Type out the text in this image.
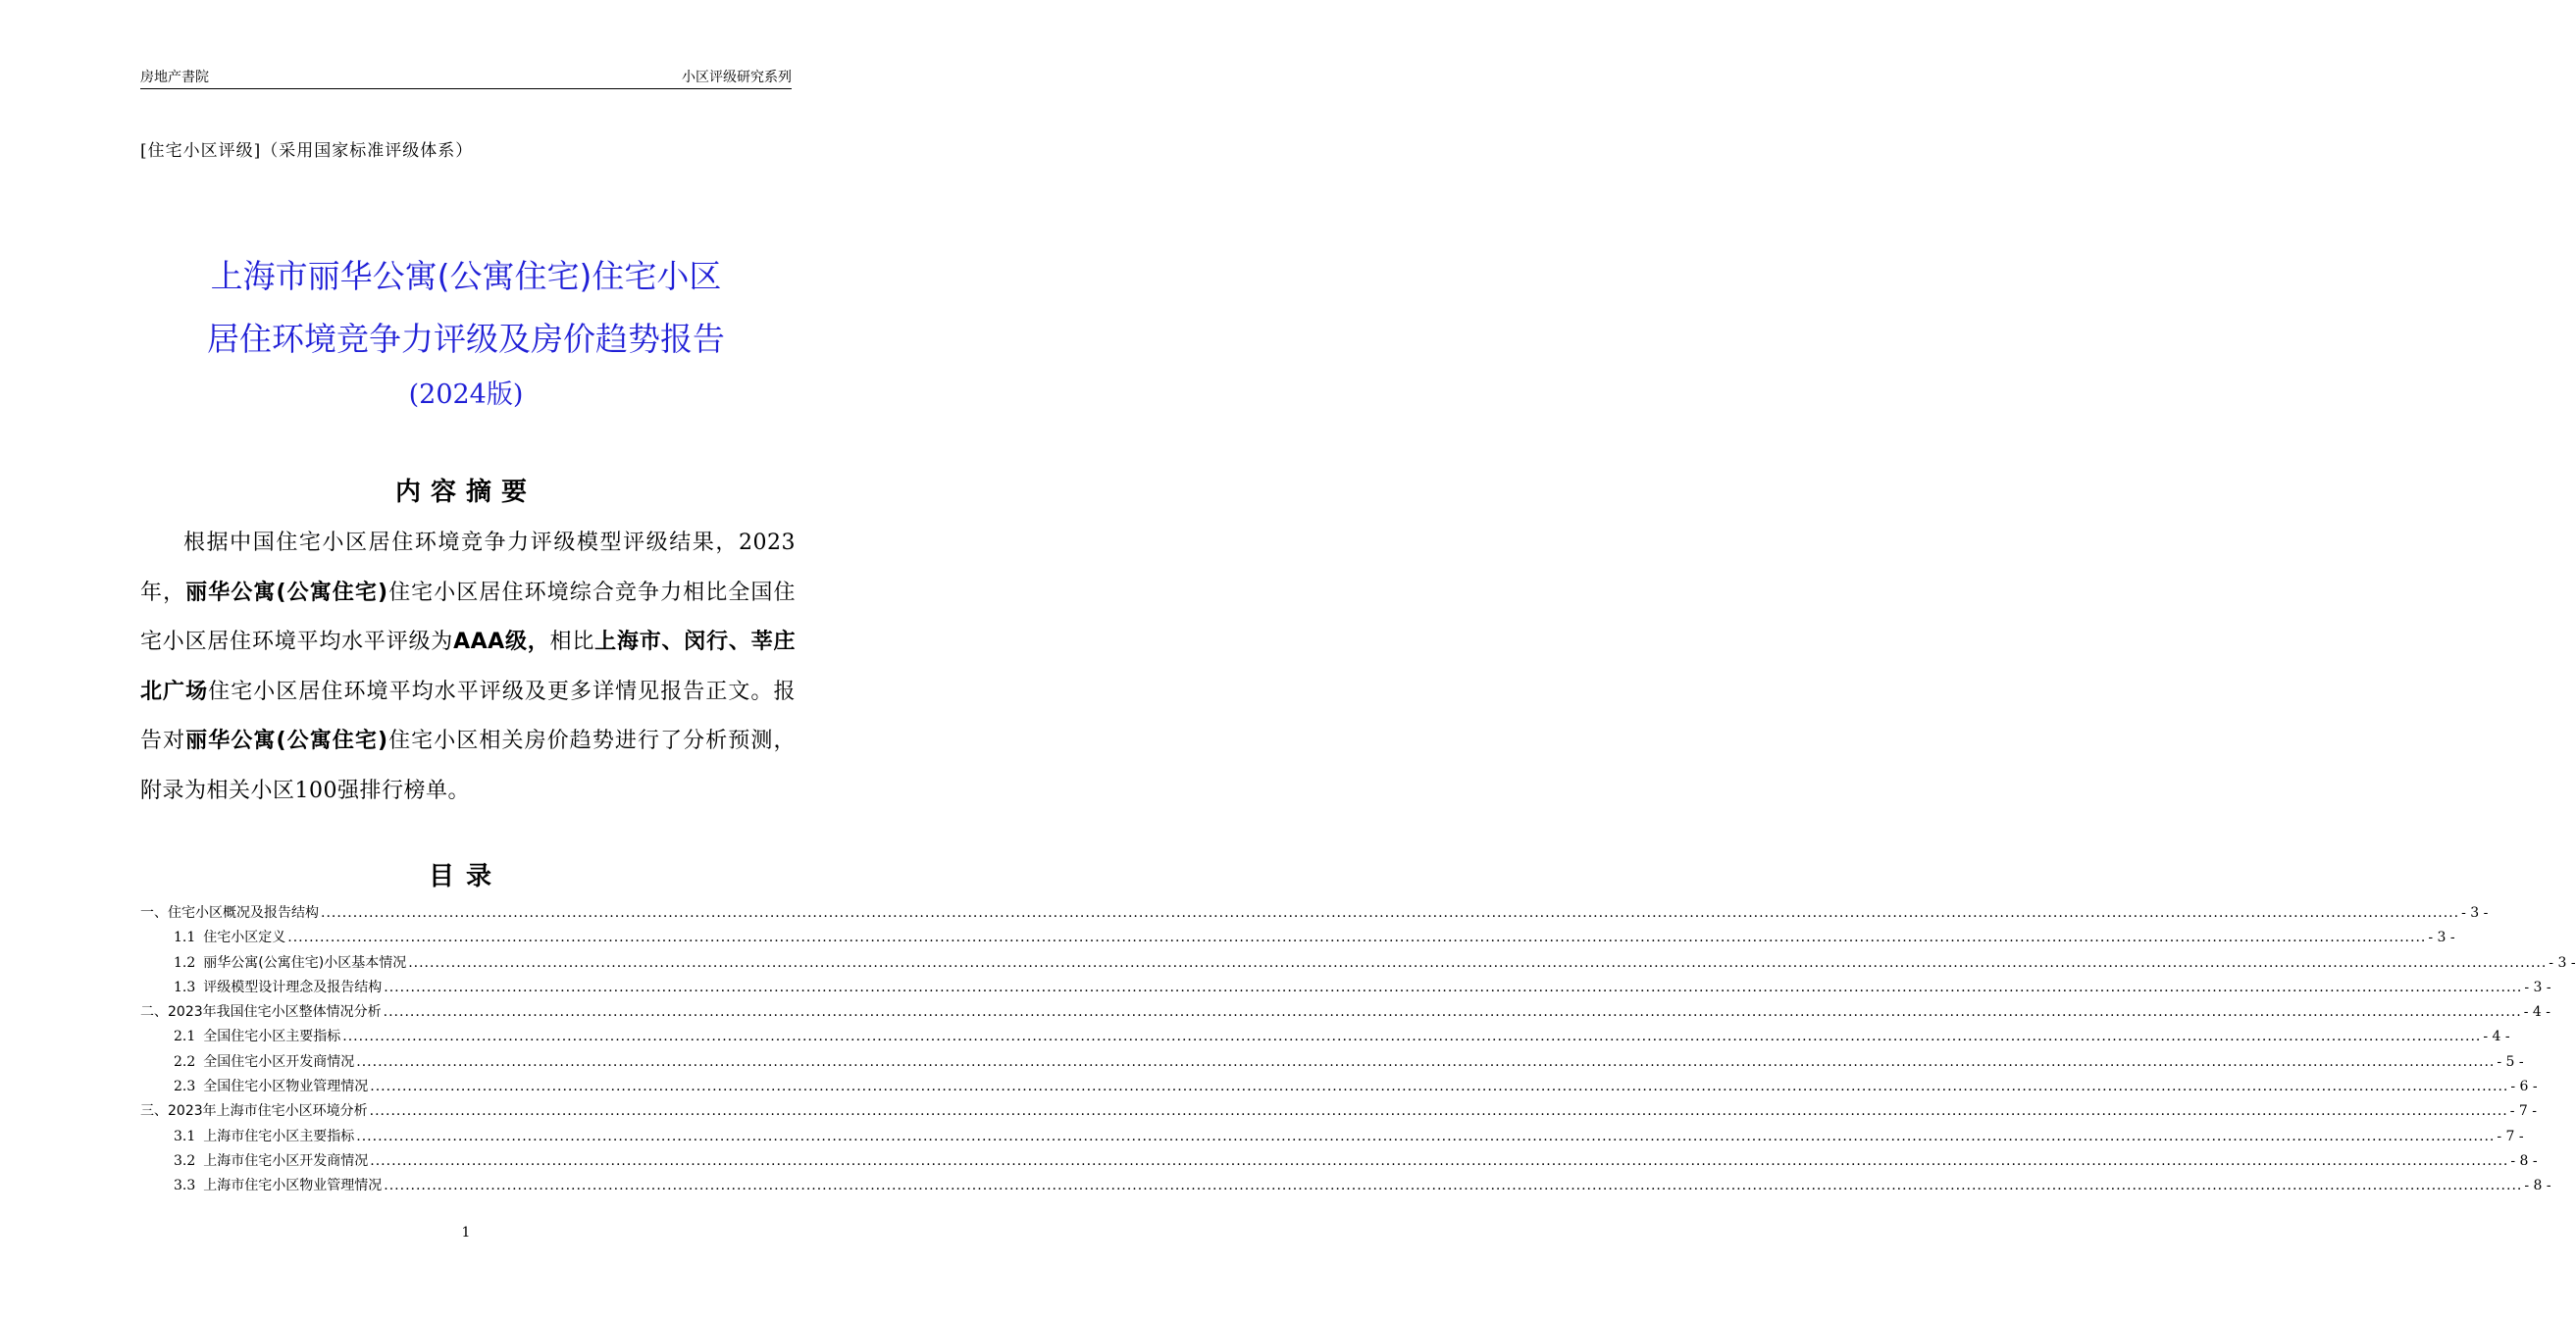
房地产書院	小区评级研究系列
[住宅小区评级]（采用国家标准评级体系）
上海市丽华公寓(公寓住宅)住宅小区
居住环境竞争力评级及房价趋势报告
(2024版)
内容摘要
根据中国住宅小区居住环境竞争力评级模型评级结果，2023年，丽华公寓(公寓住宅)住宅小区居住环境综合竞争力相比全国住宅小区居住环境平均水平评级为AAA级，相比上海市、闵行、莘庄北广场住宅小区居住环境平均水平评级及更多详情见报告正文。报告对丽华公寓(公寓住宅)住宅小区相关房价趋势进行了分析预测，附录为相关小区100强排行榜单。
目录
一、住宅小区概况及报告结构 ................................................................................................................................................................................................................................................................................................................................................................................................................ - 3 -
1.1 住宅小区定义 ................................................................................................................................................................................................................................................................................................................................................................................................................ - 3 -
1.2 丽华公寓(公寓住宅)小区基本情况 ................................................................................................................................................................................................................................................................................................................................................................................................................ - 3 -
1.3 评级模型设计理念及报告结构 ................................................................................................................................................................................................................................................................................................................................................................................................................ - 3 -
二、2023年我国住宅小区整体情况分析 ................................................................................................................................................................................................................................................................................................................................................................................................................ - 4 -
2.1 全国住宅小区主要指标 ................................................................................................................................................................................................................................................................................................................................................................................................................ - 4 -
2.2 全国住宅小区开发商情况 ................................................................................................................................................................................................................................................................................................................................................................................................................ - 5 -
2.3 全国住宅小区物业管理情况 ................................................................................................................................................................................................................................................................................................................................................................................................................ - 6 -
三、2023年上海市住宅小区环境分析 ................................................................................................................................................................................................................................................................................................................................................................................................................ - 7 -
3.1 上海市住宅小区主要指标 ................................................................................................................................................................................................................................................................................................................................................................................................................ - 7 -
3.2 上海市住宅小区开发商情况 ................................................................................................................................................................................................................................................................................................................................................................................................................ - 8 -
3.3 上海市住宅小区物业管理情况 ................................................................................................................................................................................................................................................................................................................................................................................................................ - 8 -
1
